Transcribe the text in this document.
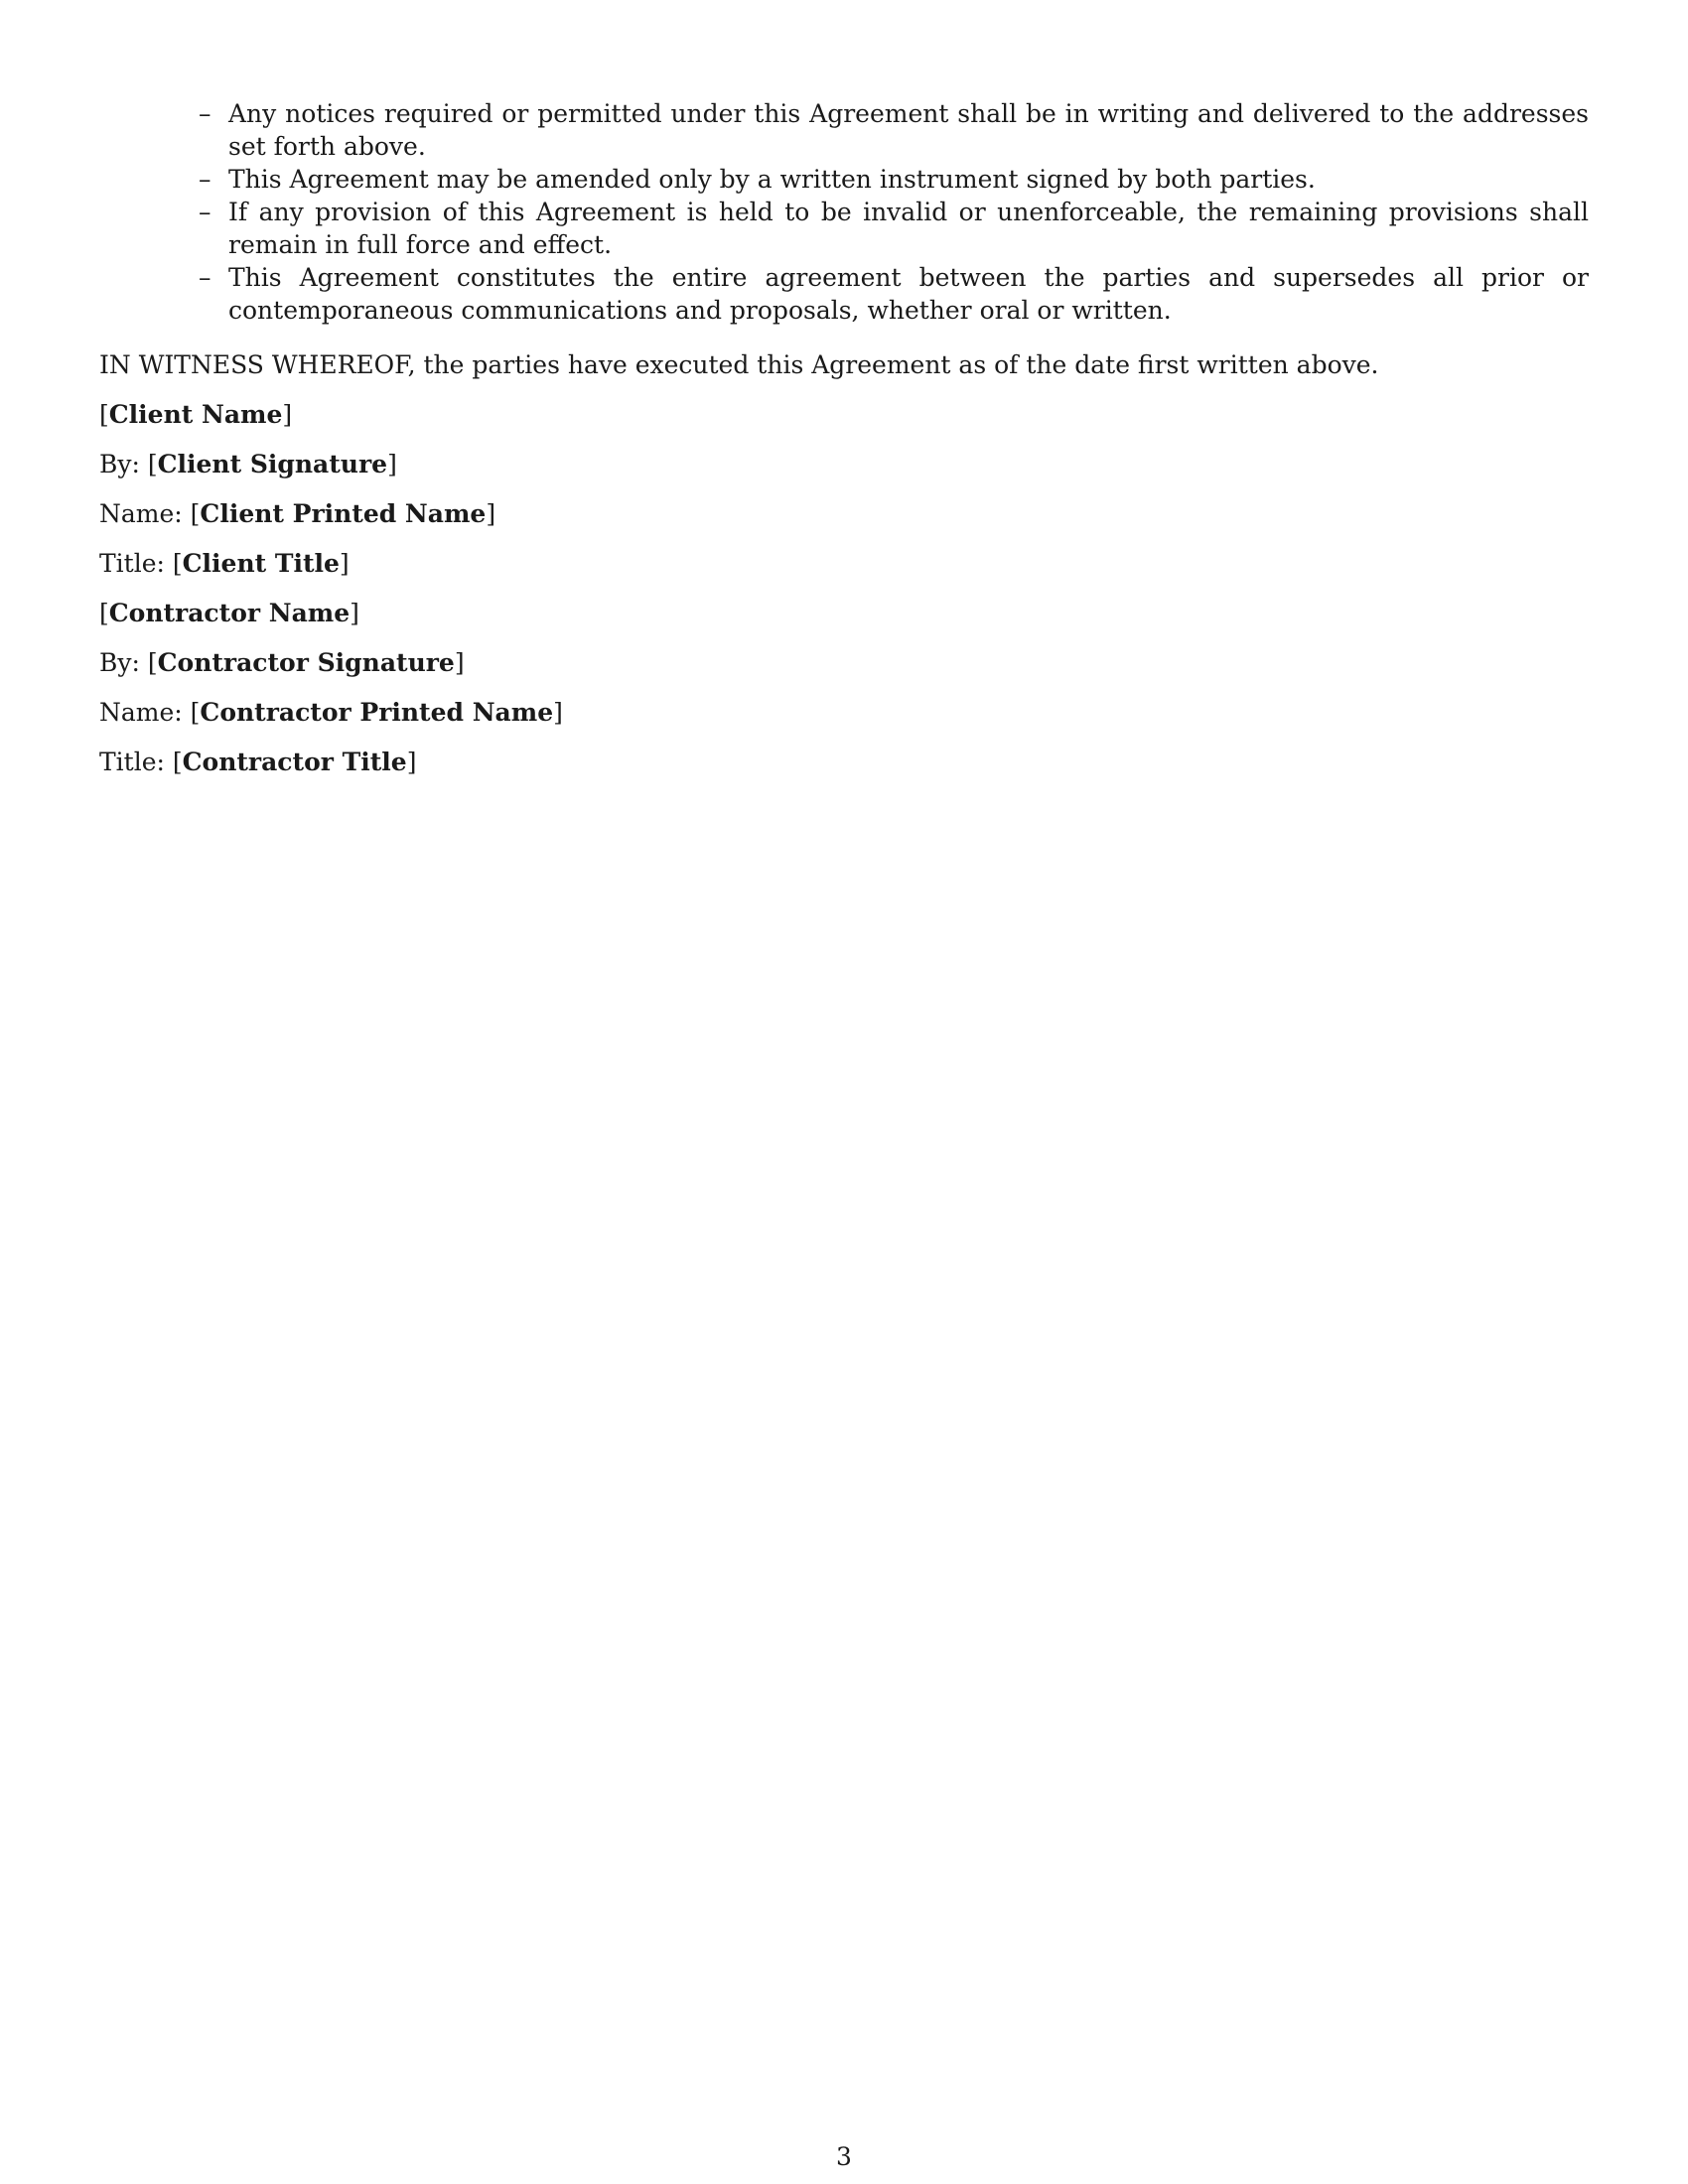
– Any notices required or permitted under this Agreement shall be in writing and delivered to the addresses set forth above.
– This Agreement may be amended only by a written instrument signed by both parties.
– If any provision of this Agreement is held to be invalid or unenforceable, the remaining provisions shall remain in full force and effect.
– This Agreement constitutes the entire agreement between the parties and supersedes all prior or contemporaneous communications and proposals, whether oral or written.

IN WITNESS WHEREOF, the parties have executed this Agreement as of the date first written above.

[Client Name]

By: [Client Signature]

Name: [Client Printed Name]

Title: [Client Title]

[Contractor Name]

By: [Contractor Signature]

Name: [Contractor Printed Name]

Title: [Contractor Title]

3
